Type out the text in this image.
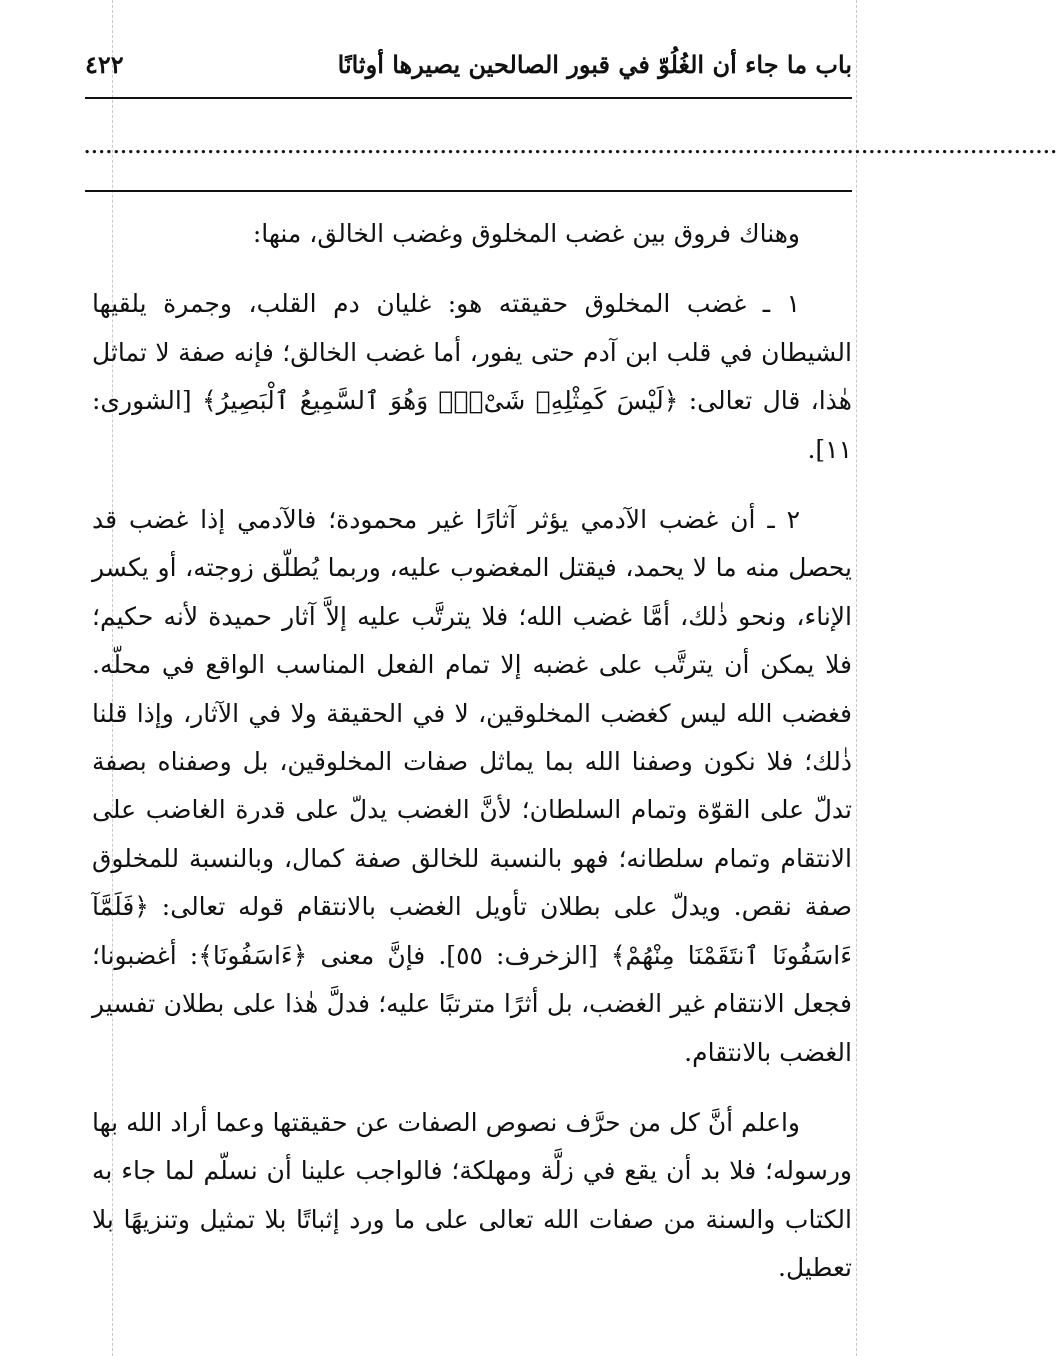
باب ما جاء أن الغُلُوّ في قبور الصالحين يصيرها أوثانًا
٤٢٢
......................................................................................................................................

وهناك فروق بين غضب المخلوق وغضب الخالق، منها:

١ ـ غضب المخلوق حقيقته هو: غليان دم القلب، وجمرة يلقيها الشيطان في قلب ابن آدم حتى يفور، أما غضب الخالق؛ فإنه صفة لا تماثل هٰذا، قال تعالى: ﴿لَيْسَ كَمِثْلِهِۦ شَىْءٌۖ وَهُوَ ٱلسَّمِيعُ ٱلْبَصِيرُ﴾ [الشورى: ١١].

٢ ـ أن غضب الآدمي يؤثر آثارًا غير محمودة؛ فالآدمي إذا غضب قد يحصل منه ما لا يحمد، فيقتل المغضوب عليه، وربما يُطلّق زوجته، أو يكسر الإناء، ونحو ذٰلك، أمَّا غضب الله؛ فلا يترتَّب عليه إلاَّ آثار حميدة لأنه حكيم؛ فلا يمكن أن يترتَّب على غضبه إلا تمام الفعل المناسب الواقع في محلّه. فغضب الله ليس كغضب المخلوقين، لا في الحقيقة ولا في الآثار، وإذا قلنا ذٰلك؛ فلا نكون وصفنا الله بما يماثل صفات المخلوقين، بل وصفناه بصفة تدلّ على القوّة وتمام السلطان؛ لأنَّ الغضب يدلّ على قدرة الغاضب على الانتقام وتمام سلطانه؛ فهو بالنسبة للخالق صفة كمال، وبالنسبة للمخلوق صفة نقص. ويدلّ على بطلان تأويل الغضب بالانتقام قوله تعالى: ﴿فَلَمَّآ ءَاسَفُونَا ٱنتَقَمْنَا مِنْهُمْ﴾ [الزخرف: ٥٥]. فإنَّ معنى ﴿ءَاسَفُونَا﴾: أغضبونا؛ فجعل الانتقام غير الغضب، بل أثرًا مترتبًا عليه؛ فدلَّ هٰذا على بطلان تفسير الغضب بالانتقام.

واعلم أنَّ كل من حرَّف نصوص الصفات عن حقيقتها وعما أراد الله بها ورسوله؛ فلا بد أن يقع في زلَّة ومهلكة؛ فالواجب علينا أن نسلّم لما جاء به الكتاب والسنة من صفات الله تعالى على ما ورد إثباتًا بلا تمثيل وتنزيهًا بلا تعطيل.
